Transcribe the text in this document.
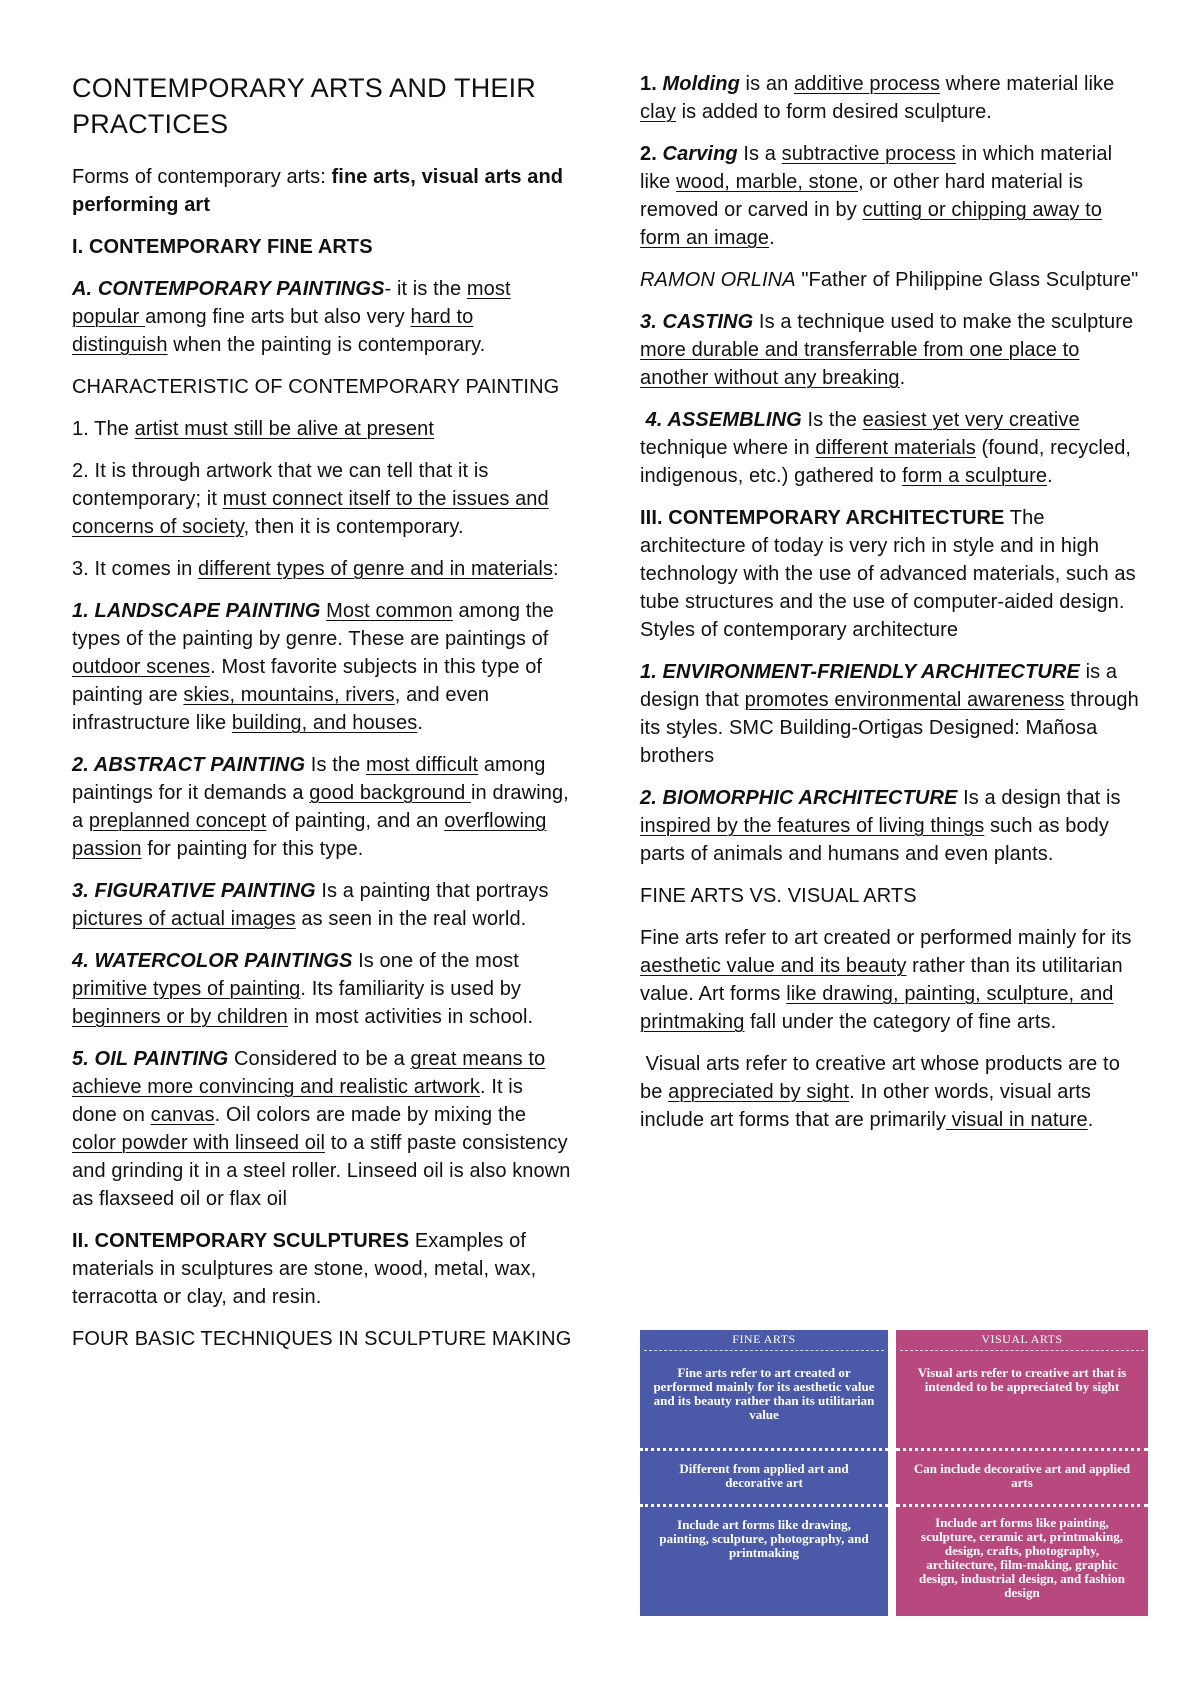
CONTEMPORARY ARTS AND THEIR PRACTICES

Forms of contemporary arts: fine arts, visual arts and performing art

I. CONTEMPORARY FINE ARTS

A. CONTEMPORARY PAINTINGS- it is the most popular among fine arts but also very hard to distinguish when the painting is contemporary.

CHARACTERISTIC OF CONTEMPORARY PAINTING

1. The artist must still be alive at present

2. It is through artwork that we can tell that it is contemporary; it must connect itself to the issues and concerns of society, then it is contemporary.

3. It comes in different types of genre and in materials:

1. LANDSCAPE PAINTING Most common among the types of the painting by genre. These are paintings of outdoor scenes. Most favorite subjects in this type of painting are skies, mountains, rivers, and even infrastructure like building, and houses.

2. ABSTRACT PAINTING Is the most difficult among paintings for it demands a good background in drawing, a preplanned concept of painting, and an overflowing passion for painting for this type.

3. FIGURATIVE PAINTING Is a painting that portrays pictures of actual images as seen in the real world.

4. WATERCOLOR PAINTINGS Is one of the most primitive types of painting. Its familiarity is used by beginners or by children in most activities in school.

5. OIL PAINTING Considered to be a great means to achieve more convincing and realistic artwork. It is done on canvas. Oil colors are made by mixing the color powder with linseed oil to a stiff paste consistency and grinding it in a steel roller. Linseed oil is also known as flaxseed oil or flax oil

II. CONTEMPORARY SCULPTURES Examples of materials in sculptures are stone, wood, metal, wax, terracotta or clay, and resin.

FOUR BASIC TECHNIQUES IN SCULPTURE MAKING

1. Molding is an additive process where material like clay is added to form desired sculpture.

2. Carving Is a subtractive process in which material like wood, marble, stone, or other hard material is removed or carved in by cutting or chipping away to form an image.

RAMON ORLINA "Father of Philippine Glass Sculpture"

3. CASTING Is a technique used to make the sculpture more durable and transferrable from one place to another without any breaking.

4. ASSEMBLING Is the easiest yet very creative technique where in different materials (found, recycled, indigenous, etc.) gathered to form a sculpture.

III. CONTEMPORARY ARCHITECTURE The architecture of today is very rich in style and in high technology with the use of advanced materials, such as tube structures and the use of computer-aided design. Styles of contemporary architecture

1. ENVIRONMENT-FRIENDLY ARCHITECTURE is a design that promotes environmental awareness through its styles. SMC Building-Ortigas Designed: Mañosa brothers

2. BIOMORPHIC ARCHITECTURE Is a design that is inspired by the features of living things such as body parts of animals and humans and even plants.

FINE ARTS VS. VISUAL ARTS

Fine arts refer to art created or performed mainly for its aesthetic value and its beauty rather than its utilitarian value. Art forms like drawing, painting, sculpture, and printmaking fall under the category of fine arts.

Visual arts refer to creative art whose products are to be appreciated by sight. In other words, visual arts include art forms that are primarily visual in nature.

FINE ARTS
Fine arts refer to art created or performed mainly for its aesthetic value and its beauty rather than its utilitarian value
Different from applied art and decorative art
Include art forms like drawing, painting, sculpture, photography, and printmaking
VISUAL ARTS
Visual arts refer to creative art that is intended to be appreciated by sight
Can include decorative art and applied arts
Include art forms like painting, sculpture, ceramic art, printmaking, design, crafts, photography, architecture, film-making, graphic design, industrial design, and fashion design
